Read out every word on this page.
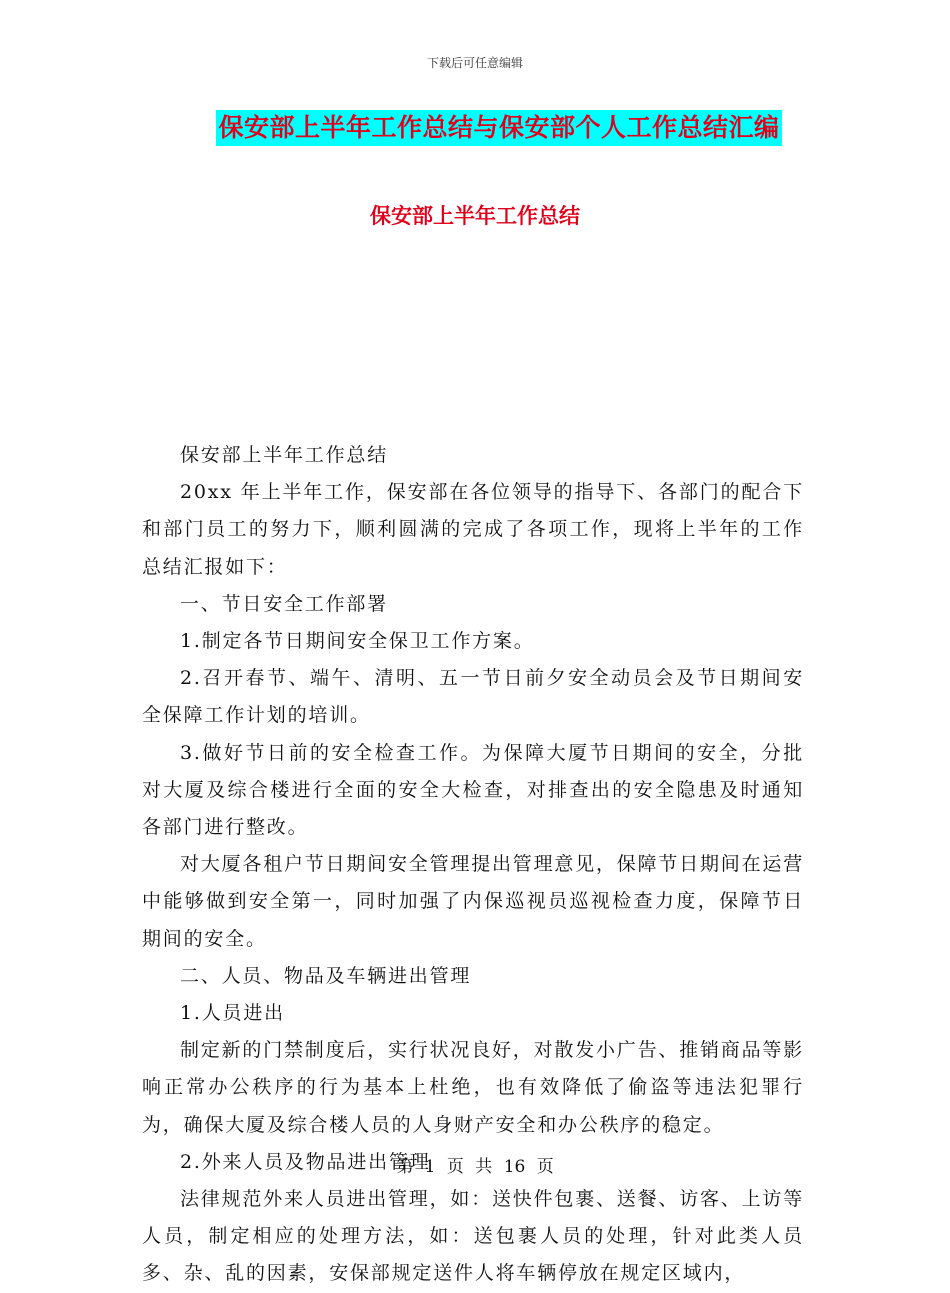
下载后可任意编辑
保安部上半年工作总结与保安部个人工作总结汇编
保安部上半年工作总结

保安部上半年工作总结

20xx 年上半年工作，保安部在各位领导的指导下、各部门的配合下和部门员工的努力下，顺利圆满的完成了各项工作，现将上半年的工作总结汇报如下：

一、节日安全工作部署

1.制定各节日期间安全保卫工作方案。

2.召开春节、端午、清明、五一节日前夕安全动员会及节日期间安全保障工作计划的培训。

3.做好节日前的安全检查工作。为保障大厦节日期间的安全，分批对大厦及综合楼进行全面的安全大检查，对排查出的安全隐患及时通知各部门进行整改。

对大厦各租户节日期间安全管理提出管理意见，保障节日期间在运营中能够做到安全第一，同时加强了内保巡视员巡视检查力度，保障节日期间的安全。

二、人员、物品及车辆进出管理

1.人员进出

制定新的门禁制度后，实行状况良好，对散发小广告、推销商品等影响正常办公秩序的行为基本上杜绝，也有效降低了偷盗等违法犯罪行为，确保大厦及综合楼人员的人身财产安全和办公秩序的稳定。

2.外来人员及物品进出管理

法律规范外来人员进出管理，如：送快件包裹、送餐、访客、上访等人员，制定相应的处理方法，如：送包裹人员的处理，针对此类人员多、杂、乱的因素，安保部规定送件人将车辆停放在规定区域内，

第 1 页 共 16 页
